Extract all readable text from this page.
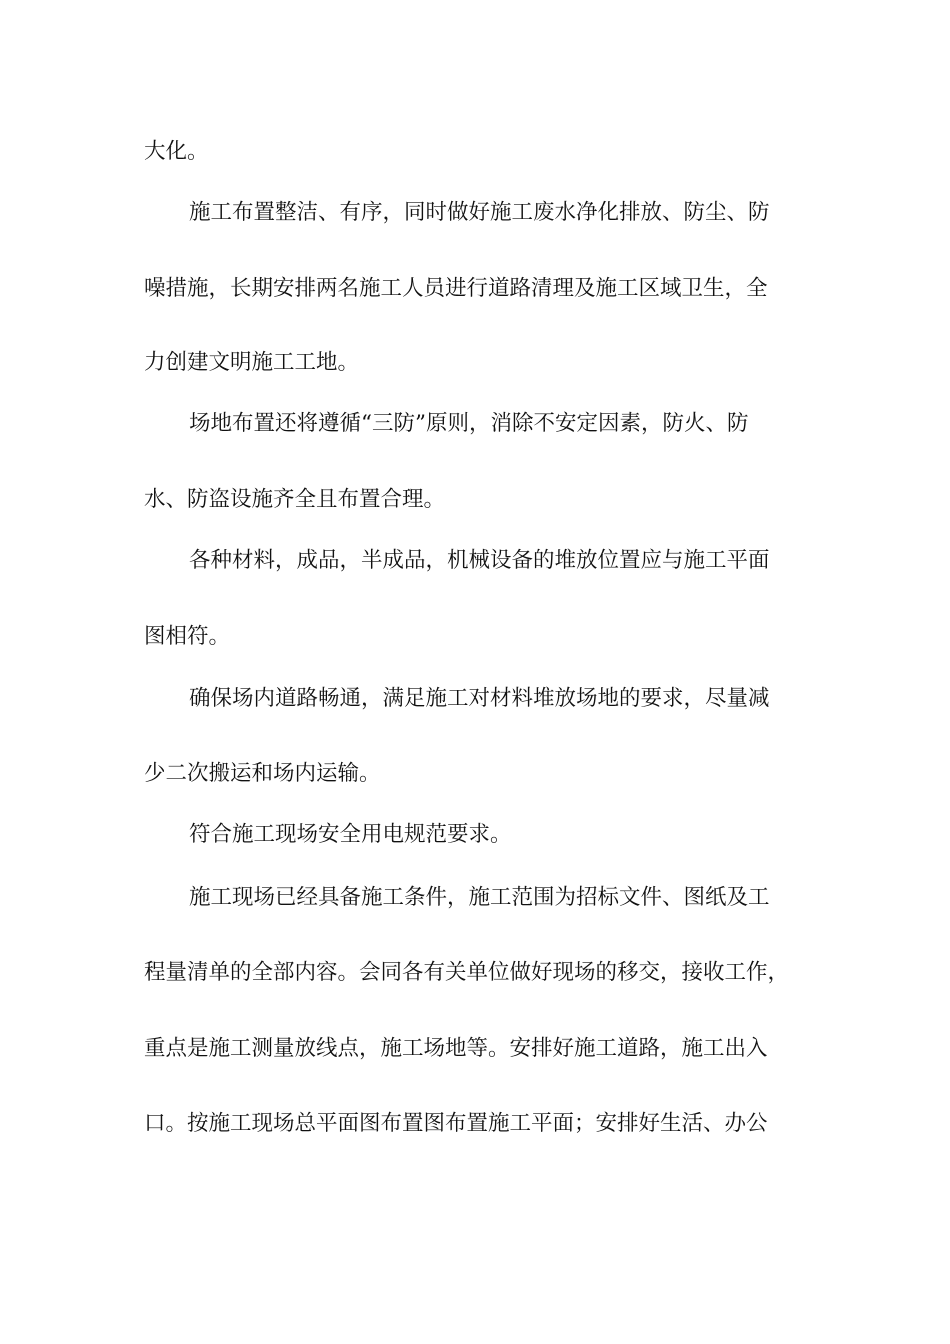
大化。
施工布置整洁、有序，同时做好施工废水净化排放、防尘、防
噪措施，长期安排两名施工人员进行道路清理及施工区域卫生，全
力创建文明施工工地。
场地布置还将遵循“三防”原则，消除不安定因素，防火、防
水、防盗设施齐全且布置合理。
各种材料，成品，半成品，机械设备的堆放位置应与施工平面
图相符。
确保场内道路畅通，满足施工对材料堆放场地的要求，尽量减
少二次搬运和场内运输。
符合施工现场安全用电规范要求。
施工现场已经具备施工条件，施工范围为招标文件、图纸及工
程量清单的全部内容。会同各有关单位做好现场的移交，接收工作，
重点是施工测量放线点，施工场地等。安排好施工道路，施工出入
口。按施工现场总平面图布置图布置施工平面；安排好生活、办公
